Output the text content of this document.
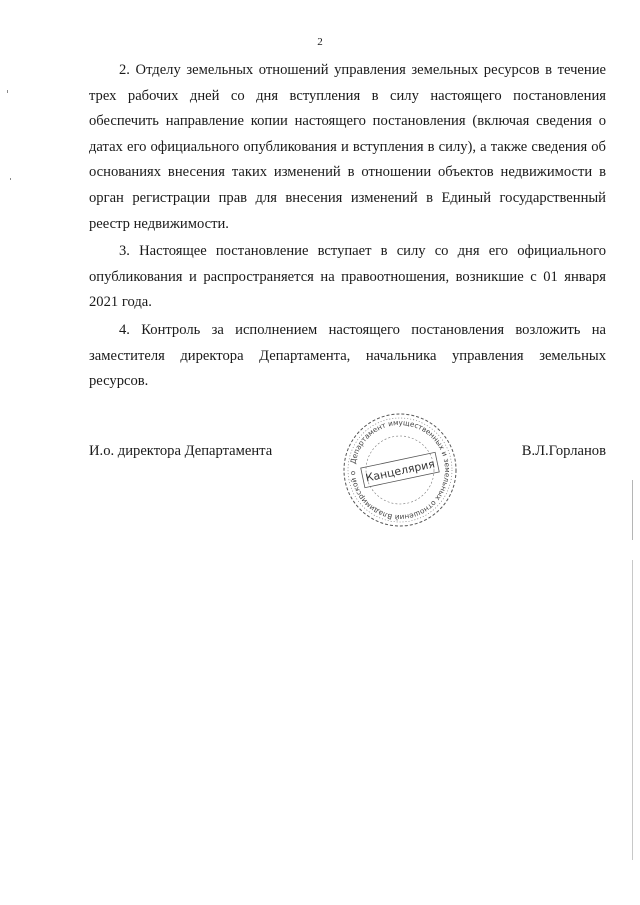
2

2. Отделу земельных отношений управления земельных ресурсов в течение трех рабочих дней со дня вступления в силу настоящего постановления обеспечить направление копии настоящего постановления (включая сведения о датах его официального опубликования и вступления в силу), а также сведения об основаниях внесения таких изменений в отношении объектов недвижимости в орган регистрации прав для внесения изменений в Единый государственный реестр недвижимости.

3. Настоящее постановление вступает в силу со дня его официального опубликования и распространяется на правоотношения, возникшие с 01 января 2021 года.

4. Контроль за исполнением настоящего постановления возложить на заместителя директора Департамента, начальника управления земельных ресурсов.

И.о. директора Департамента	В.Л.Горланов
Департамент имущественных и земельных отношений Владимирской о Канцелярия
